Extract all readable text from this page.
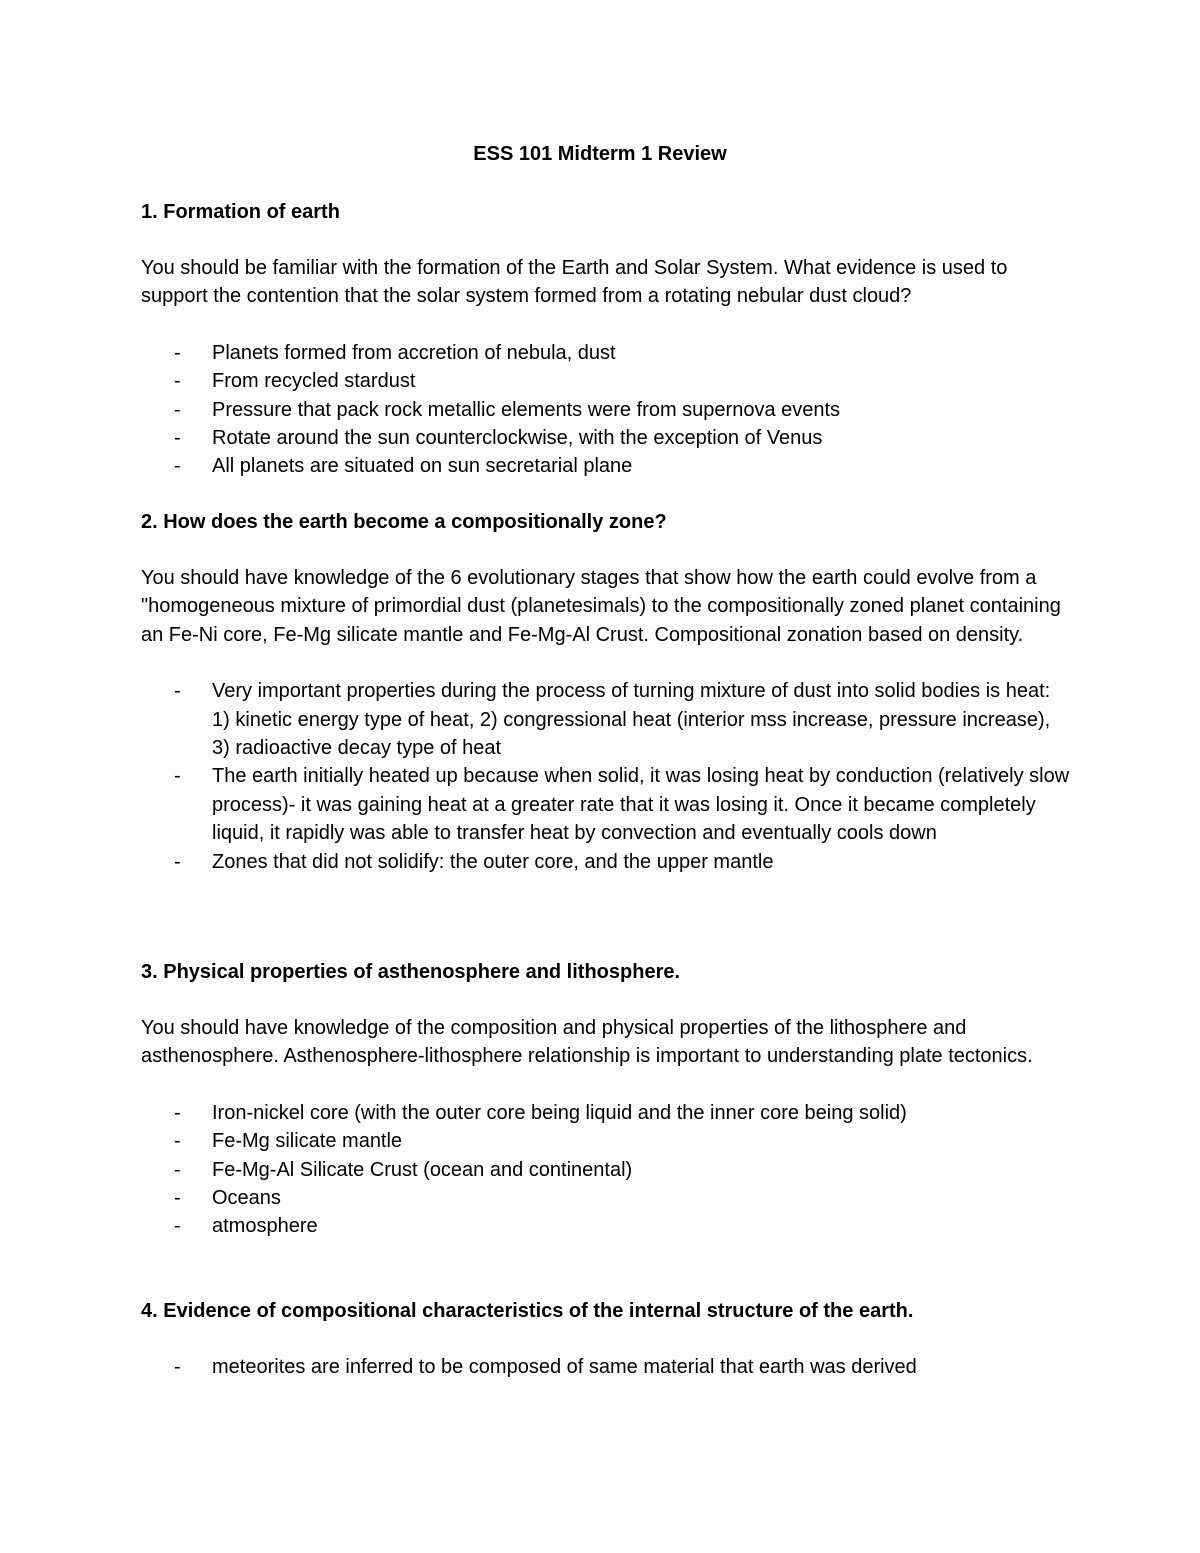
ESS 101 Midterm 1 Review

1. Formation of earth

You should be familiar with the formation of the Earth and Solar System. What evidence is used to support the contention that the solar system formed from a rotating nebular dust cloud?

- Planets formed from accretion of nebula, dust
- From recycled stardust
- Pressure that pack rock metallic elements were from supernova events
- Rotate around the sun counterclockwise, with the exception of Venus
- All planets are situated on sun secretarial plane

2. How does the earth become a compositionally zone?

You should have knowledge of the 6 evolutionary stages that show how the earth could evolve from a "homogeneous mixture of primordial dust (planetesimals) to the compositionally zoned planet containing an Fe-Ni core, Fe-Mg silicate mantle and Fe-Mg-Al Crust. Compositional zonation based on density.

- Very important properties during the process of turning mixture of dust into solid bodies is heat: 1) kinetic energy type of heat, 2) congressional heat (interior mss increase, pressure increase), 3) radioactive decay type of heat
- The earth initially heated up because when solid, it was losing heat by conduction (relatively slow process)- it was gaining heat at a greater rate that it was losing it. Once it became completely liquid, it rapidly was able to transfer heat by convection and eventually cools down
- Zones that did not solidify: the outer core, and the upper mantle

3. Physical properties of asthenosphere and lithosphere.

You should have knowledge of the composition and physical properties of the lithosphere and asthenosphere. Asthenosphere-lithosphere relationship is important to understanding plate tectonics.

- Iron-nickel core (with the outer core being liquid and the inner core being solid)
- Fe-Mg silicate mantle
- Fe-Mg-Al Silicate Crust (ocean and continental)
- Oceans
- atmosphere

4. Evidence of compositional characteristics of the internal structure of the earth.

- meteorites are inferred to be composed of same material that earth was derived
